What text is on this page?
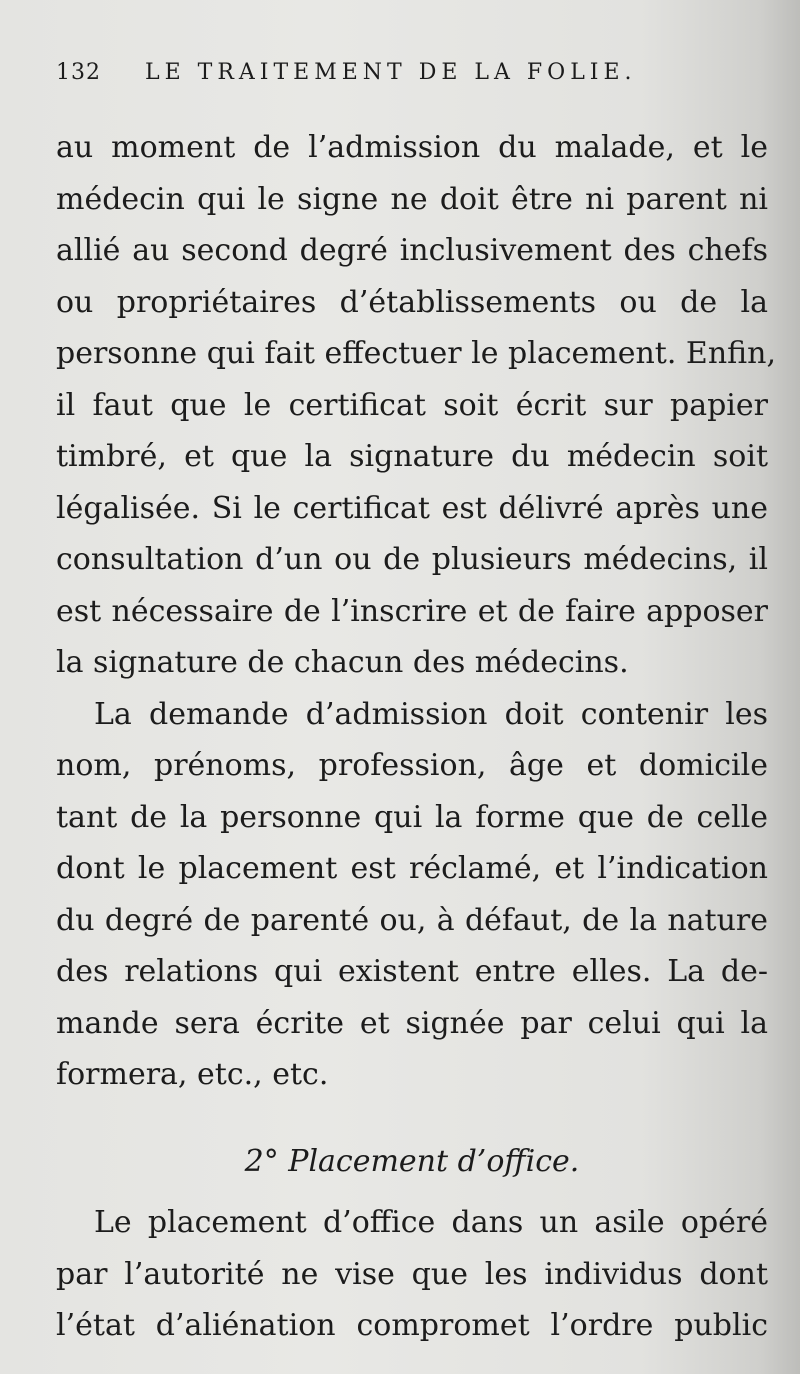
132 LE TRAITEMENT DE LA FOLIE.
au moment de l’admission du malade, et le
médecin qui le signe ne doit être ni parent ni
allié au second degré inclusivement des chefs
ou propriétaires d’établissements ou de la
personne qui fait effectuer le placement. Enfin,
il faut que le certificat soit écrit sur papier
timbré, et que la signature du médecin soit
légalisée. Si le certificat est délivré après une
consultation d’un ou de plusieurs médecins, il
est nécessaire de l’inscrire et de faire apposer
la signature de chacun des médecins.
La demande d’admission doit contenir les
nom, prénoms, profession, âge et domicile
tant de la personne qui la forme que de celle
dont le placement est réclamé, et l’indication
du degré de parenté ou, à défaut, de la nature
des relations qui existent entre elles. La de-
mande sera écrite et signée par celui qui la
formera, etc., etc.
2° Placement d’office.
Le placement d’office dans un asile opéré
par l’autorité ne vise que les individus dont
l’état d’aliénation compromet l’ordre public
